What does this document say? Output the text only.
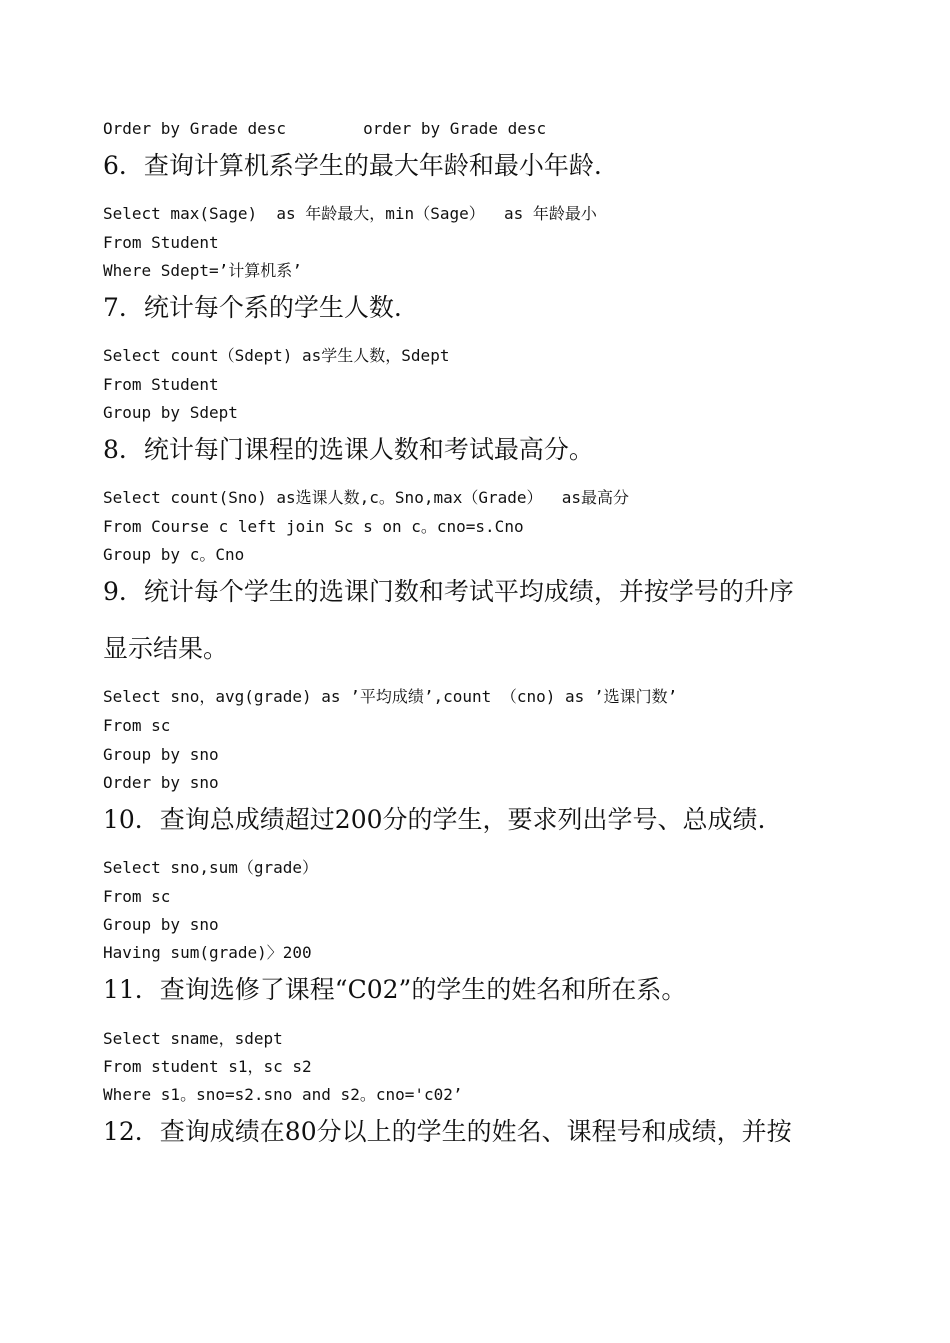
Order by Grade desc        order by Grade desc
6．查询计算机系学生的最大年龄和最小年龄.
Select max(Sage)  as 年龄最大，min（Sage）  as 年龄最小
From Student
Where Sdept=’计算机系’
7．统计每个系的学生人数.
Select count（Sdept) as学生人数，Sdept
From Student
Group by Sdept
8．统计每门课程的选课人数和考试最高分。
Select count(Sno) as选课人数,c。Sno,max（Grade）  as最高分
From Course c left join Sc s on c。cno=s.Cno
Group by c。Cno
9．统计每个学生的选课门数和考试平均成绩，并按学号的升序
显示结果。
Select sno，avg(grade) as ’平均成绩’,count （cno) as ’选课门数’
From sc
Group by sno
Order by sno
10．查询总成绩超过200分的学生，要求列出学号、总成绩.
Select sno,sum（grade）
From sc
Group by sno
Having sum(grade)〉200
11．查询选修了课程“C02”的学生的姓名和所在系。
Select sname，sdept
From student s1，sc s2
Where s1。sno=s2.sno and s2。cno='c02’
12．查询成绩在80分以上的学生的姓名、课程号和成绩，并按
